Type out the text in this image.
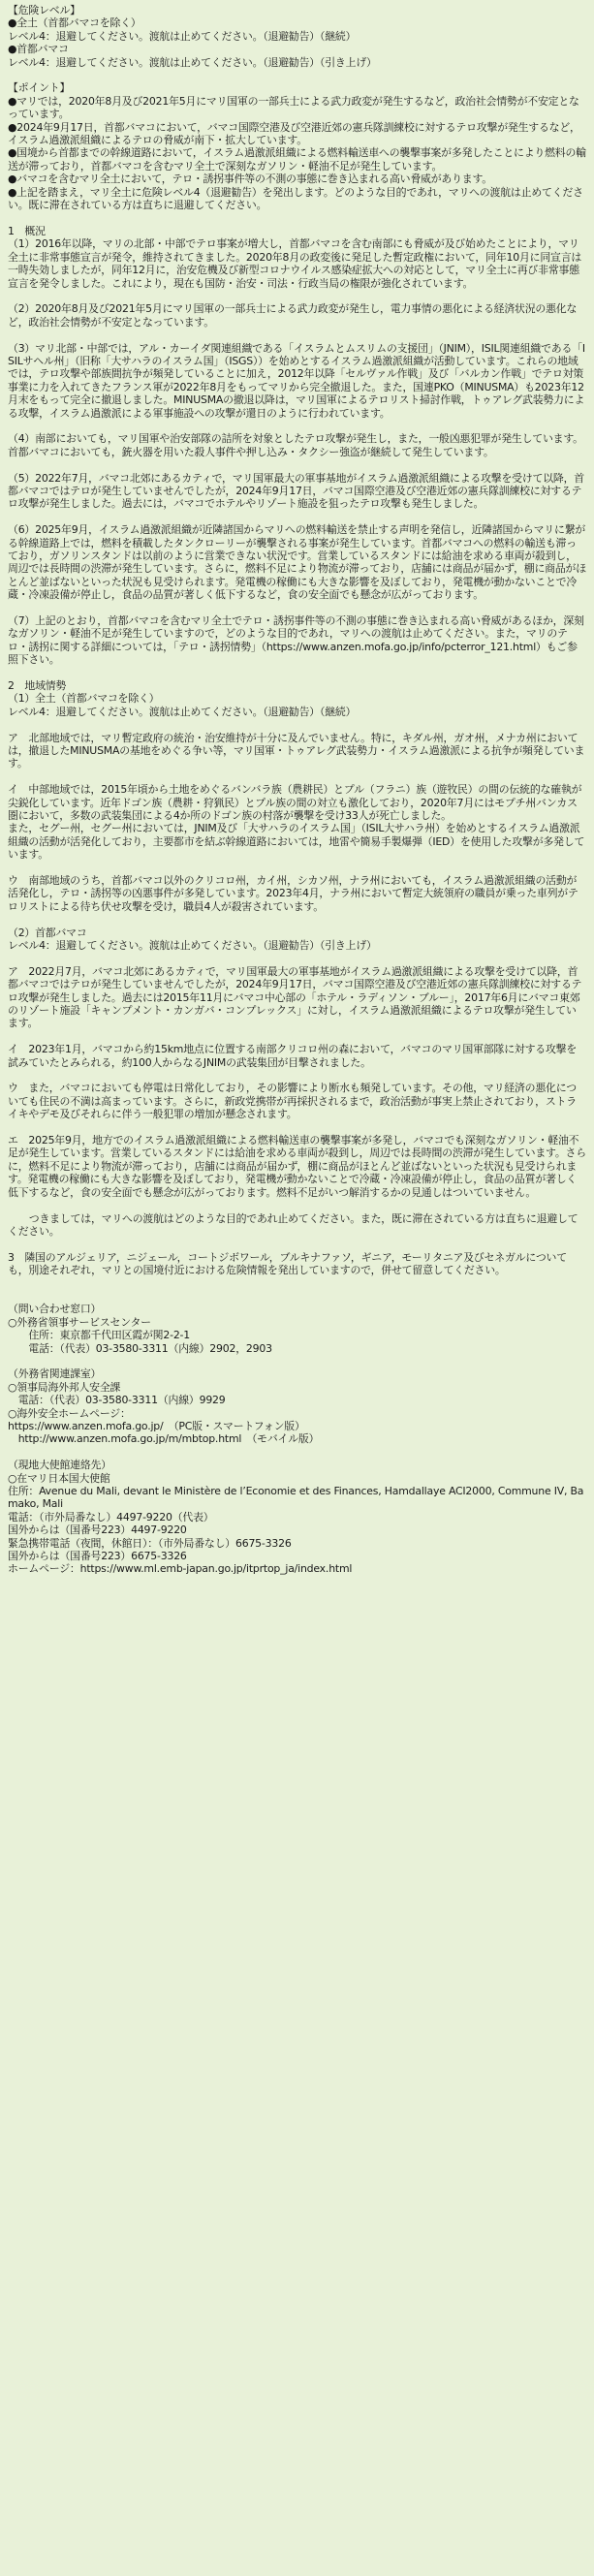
【危険レベル】

●全土（首都バマコを除く）

レベル4：退避してください。渡航は止めてください。（退避勧告）（継続）

●首都バマコ

レベル4：退避してください。渡航は止めてください。（退避勧告）（引き上げ）

【ポイント】

●マリでは，2020年8月及び2021年5月にマリ国軍の一部兵士による武力政変が発生するなど，政治社会情勢が不安定となっています。

●2024年9月17日，首都バマコにおいて，バマコ国際空港及び空港近郊の憲兵隊訓練校に対するテロ攻撃が発生するなど，イスラム過激派組織によるテロの脅威が南下・拡大しています。

●国境から首都までの幹線道路において，イスラム過激派組織による燃料輸送車への襲撃事案が多発したことにより燃料の輸送が滞っており，首都バマコを含むマリ全土で深刻なガソリン・軽油不足が発生しています。

●バマコを含むマリ全土において，テロ・誘拐事件等の不測の事態に巻き込まれる高い脅威があります。

●上記を踏まえ，マリ全土に危険レベル4（退避勧告）を発出します。どのような目的であれ，マリへの渡航は止めてください。既に滞在されている方は直ちに退避してください。

1　概況

（1）2016年以降，マリの北部・中部でテロ事案が増大し，首都バマコを含む南部にも脅威が及び始めたことにより，マリ全土に非常事態宣言が発令，維持されてきました。2020年8月の政変後に発足した暫定政権において，同年10月に同宣言は一時失効しましたが，同年12月に，治安危機及び新型コロナウイルス感染症拡大への対応として，マリ全土に再び非常事態宣言を発令しました。これにより，現在も国防・治安・司法・行政当局の権限が強化されています。

（2）2020年8月及び2021年5月にマリ国軍の一部兵士による武力政変が発生し，電力事情の悪化による経済状況の悪化など，政治社会情勢が不安定となっています。

（3）マリ北部・中部では，アル・カーイダ関連組織である「イスラムとムスリムの支援団」（JNIM），ISIL関連組織である「ISILサヘル州」（旧称「大サハラのイスラム国」（ISGS））を始めとするイスラム過激派組織が活動しています。これらの地域では，テロ攻撃や部族間抗争が頻発していることに加え，2012年以降「セルヴァル作戦」及び「バルカン作戦」でテロ対策事業に力を入れてきたフランス軍が2022年8月をもってマリから完全撤退した。また，国連PKO（MINUSMA）も2023年12月末をもって完全に撤退しました。MINUSMAの撤退以降は，マリ国軍によるテロリスト掃討作戦，トゥアレグ武装勢力による攻撃，イスラム過激派による軍事施設への攻撃が還日のように行われています。

（4）南部においても，マリ国軍や治安部隊の詰所を対象としたテロ攻撃が発生し，また，一般凶悪犯罪が発生しています。首都バマコにおいても，銃火器を用いた殺人事件や押し込み・タクシー強盗が継続して発生しています。

（5）2022年7月，バマコ北郊にあるカティで，マリ国軍最大の軍事基地がイスラム過激派組織による攻撃を受けて以降，首都バマコではテロが発生していませんでしたが，2024年9月17日，バマコ国際空港及び空港近郊の憲兵隊訓練校に対するテロ攻撃が発生しました。過去には，バマコでホテルやリゾート施設を狙ったテロ攻撃も発生しました。

（6）2025年9月，イスラム過激派組織が近隣諸国からマリへの燃料輸送を禁止する声明を発信し，近隣諸国からマリに繋がる幹線道路上では，燃料を積載したタンクローリーが襲撃される事案が発生しています。首都バマコへの燃料の輸送も滞っており，ガソリンスタンドは以前のように営業できない状況です。営業しているスタンドには給油を求める車両が殺到し，周辺では長時間の渋滞が発生しています。さらに，燃料不足により物流が滞っており，店舗には商品が届かず，棚に商品がほとんど並ばないといった状況も見受けられます。発電機の稼働にも大きな影響を及ぼしており，発電機が動かないことで冷蔵・冷凍設備が停止し，食品の品質が著しく低下するなど，食の安全面でも懸念が広がっております。

（7）上記のとおり，首都バマコを含むマリ全土でテロ・誘拐事件等の不測の事態に巻き込まれる高い脅威があるほか，深刻なガソリン・軽油不足が発生していますので，どのような目的であれ，マリへの渡航は止めてください。また，マリのテロ・誘拐に関する詳細については，「テロ・誘拐情勢」（https://www.anzen.mofa.go.jp/info/pcterror_121.html）もご参照下さい。

2　地域情勢

（1）全土（首都バマコを除く）

レベル4：退避してください。渡航は止めてください。（退避勧告）（継続）

ア　北部地域では，マリ暫定政府の統治・治安維持が十分に及んでいません。特に，キダル州，ガオ州，メナカ州においては，撤退したMINUSMAの基地をめぐる争い等，マリ国軍・トゥアレグ武装勢力・イスラム過激派による抗争が頻発しています。

イ　中部地域では，2015年頃から土地をめぐるバンバラ族（農耕民）とプル（フラニ）族（遊牧民）の間の伝統的な確執が尖鋭化しています。近年ドゴン族（農耕・狩猟民）とプル族の間の対立も激化しており，2020年7月にはモプチ州バンカス圏において，多数の武装集団による4か所のドゴン族の村落が襲撃を受け33人が死亡しました。

また，セグー州，セグー州においては，JNIM及び「大サハラのイスラム国」（ISIL大サハラ州）を始めとするイスラム過激派組織の活動が活発化しており，主要都市を結ぶ幹線道路においては，地雷や簡易手製爆弾（IED）を使用した攻撃が多発しています。

ウ　南部地域のうち，首都バマコ以外のクリコロ州，カイ州，シカソ州，ナラ州においても，イスラム過激派組織の活動が活発化し，テロ・誘拐等の凶悪事件が多発しています。2023年4月，ナラ州において暫定大統領府の職員が乗った車列がテロリストによる待ち伏せ攻撃を受け，職員4人が殺害されています。

（2）首都バマコ

レベル4：退避してください。渡航は止めてください。（退避勧告）（引き上げ）

ア　2022月7月，バマコ北郊にあるカティで，マリ国軍最大の軍事基地がイスラム過激派組織による攻撃を受けて以降，首都バマコではテロが発生していませんでしたが，2024年9月17日，バマコ国際空港及び空港近郊の憲兵隊訓練校に対するテロ攻撃が発生しました。過去には2015年11月にバマコ中心部の「ホテル・ラディソン・ブルー」，2017年6月にバマコ東郊のリゾート施設「キャンプメント・カンガバ・コンプレックス」に対し，イスラム過激派組織によるテロ攻撃が発生しています。

イ　2023年1月，バマコから約15km地点に位置する南部クリコロ州の森において，バマコのマリ国軍部隊に対する攻撃を試みていたとみられる，約100人からなるJNIMの武装集団が目撃されました。

ウ　また，バマコにおいても停電は日常化しており，その影響により断水も頻発しています。その他，マリ経済の悪化についても住民の不満は高まっています。さらに，新政党携帯が再採択されるまで，政治活動が事実上禁止されており，ストライキやデモ及びそれらに伴う一般犯罪の増加が懸念されます。

エ　2025年9月，地方でのイスラム過激派組織による燃料輸送車の襲撃事案が多発し，バマコでも深刻なガソリン・軽油不足が発生しています。営業しているスタンドには給油を求める車両が殺到し，周辺では長時間の渋滞が発生しています。さらに，燃料不足により物流が滞っており，店舗には商品が届かず，棚に商品がほとんど並ばないといった状況も見受けられます。発電機の稼働にも大きな影響を及ぼしており，発電機が動かないことで冷蔵・冷凍設備が停止し，食品の品質が著しく低下するなど，食の安全面でも懸念が広がっております。燃料不足がいつ解消するかの見通しはついていません。

つきましては，マリへの渡航はどのような目的であれ止めてください。また，既に滞在されている方は直ちに退避してください。

3　隣国のアルジェリア，ニジェール，コートジボワール，ブルキナファソ，ギニア，モーリタニア及びセネガルについても，別途それぞれ，マリとの国境付近における危険情報を発出していますので，併せて留意してください。

（問い合わせ窓口）

○外務省領事サービスセンター

　　住所：東京都千代田区霞が関2-2-1

　　電話：（代表）03-3580-3311（内線）2902，2903

（外務省関連課室）

○領事局海外邦人安全課

　電話：（代表）03-3580-3311（内線）9929

○海外安全ホームページ：

https://www.anzen.mofa.go.jp/　（PC版・スマートフォン版）

　http://www.anzen.mofa.go.jp/m/mbtop.html　（モバイル版）

（現地大使館連絡先）

○在マリ日本国大使館

住所：Avenue du Mali, devant le Ministère de l’Economie et des Finances, Hamdallaye ACI2000, Commune IV, Bamako, Mali

電話：（市外局番なし）4497-9220（代表）

国外からは（国番号223）4497-9220

緊急携帯電話（夜間，休館日）：（市外局番なし）6675-3326

国外からは（国番号223）6675-3326

ホームページ：https://www.ml.emb-japan.go.jp/itprtop_ja/index.html
